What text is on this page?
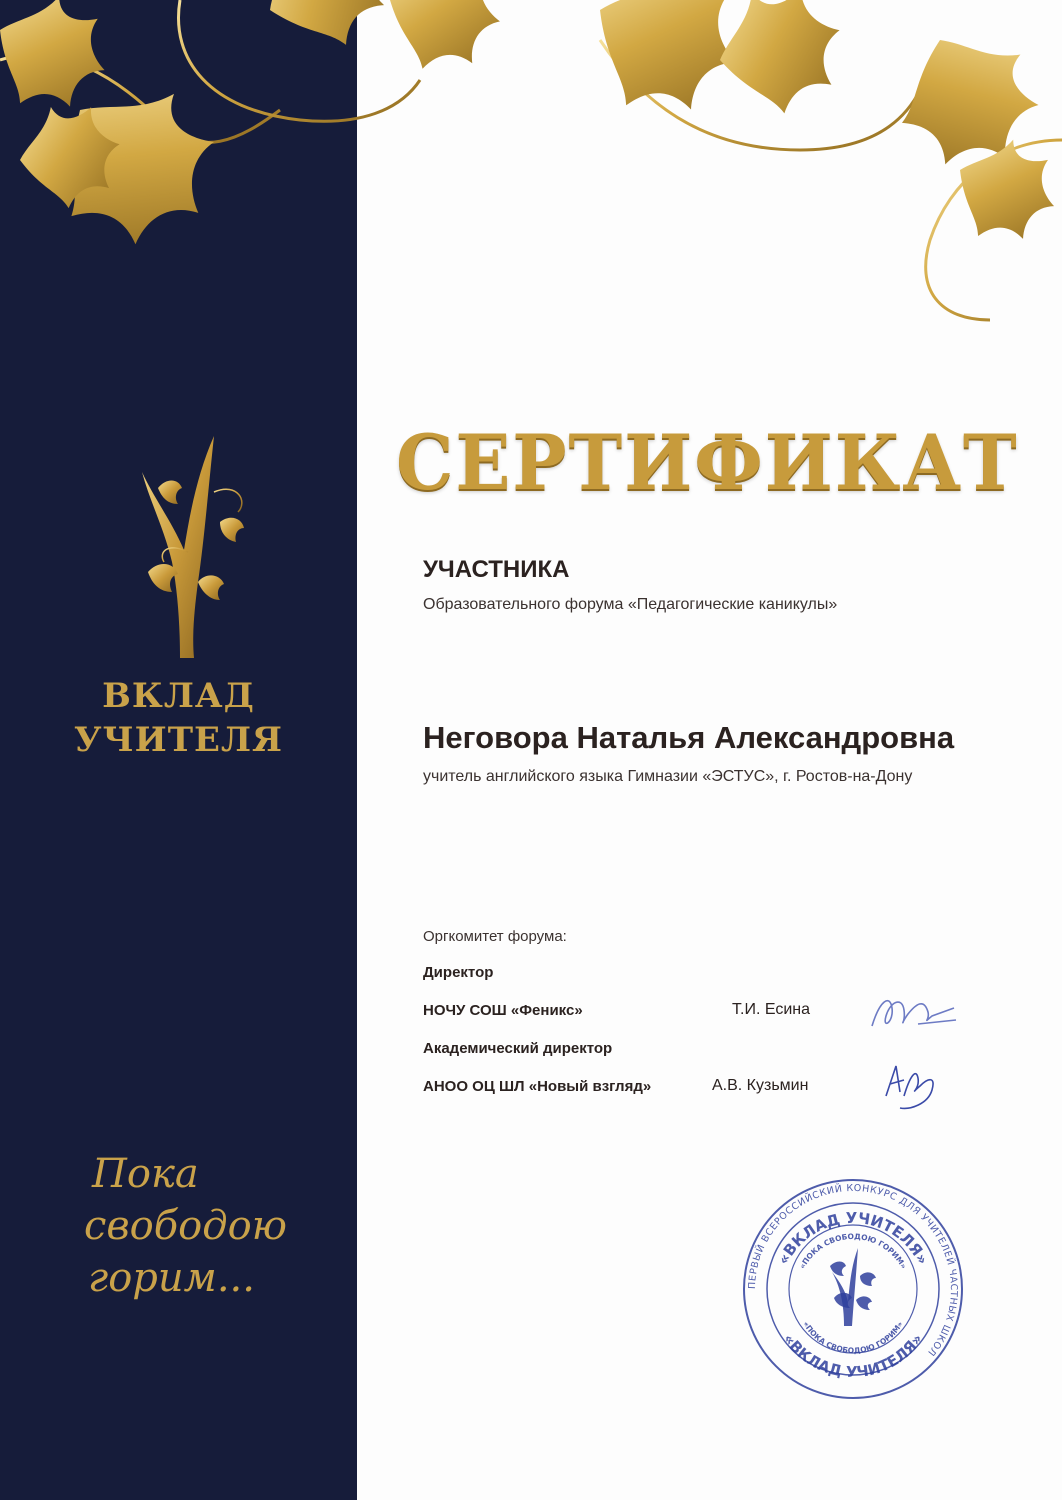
ВКЛАД
УЧИТЕЛЯ
Пока
свободою
горим...
СЕРТИФИКАТ
УЧАСТНИКА
Образовательного форума «Педагогические каникулы»
Неговора Наталья Александровна
учитель английского языка Гимназии «ЭСТУС», г. Ростов-на-Дону
Оргкомитет форума:
Директор
НОЧУ СОШ «Феникс»	Т.И. Есина
Академический директор
АНОО ОЦ ШЛ «Новый взгляд»	А.В. Кузьмин
ПЕРВЫЙ ВСЕРОССИЙСКИЙ КОНКУРС ДЛЯ УЧИТЕЛЕЙ ЧАСТНЫХ ШКОЛ
«ВКЛАД УЧИТЕЛЯ»
«ПОКА СВОБОДОЮ ГОРИМ»
«ВКЛАД УЧИТЕЛЯ»
«ПОКА СВОБОДОЮ ГОРИМ»
